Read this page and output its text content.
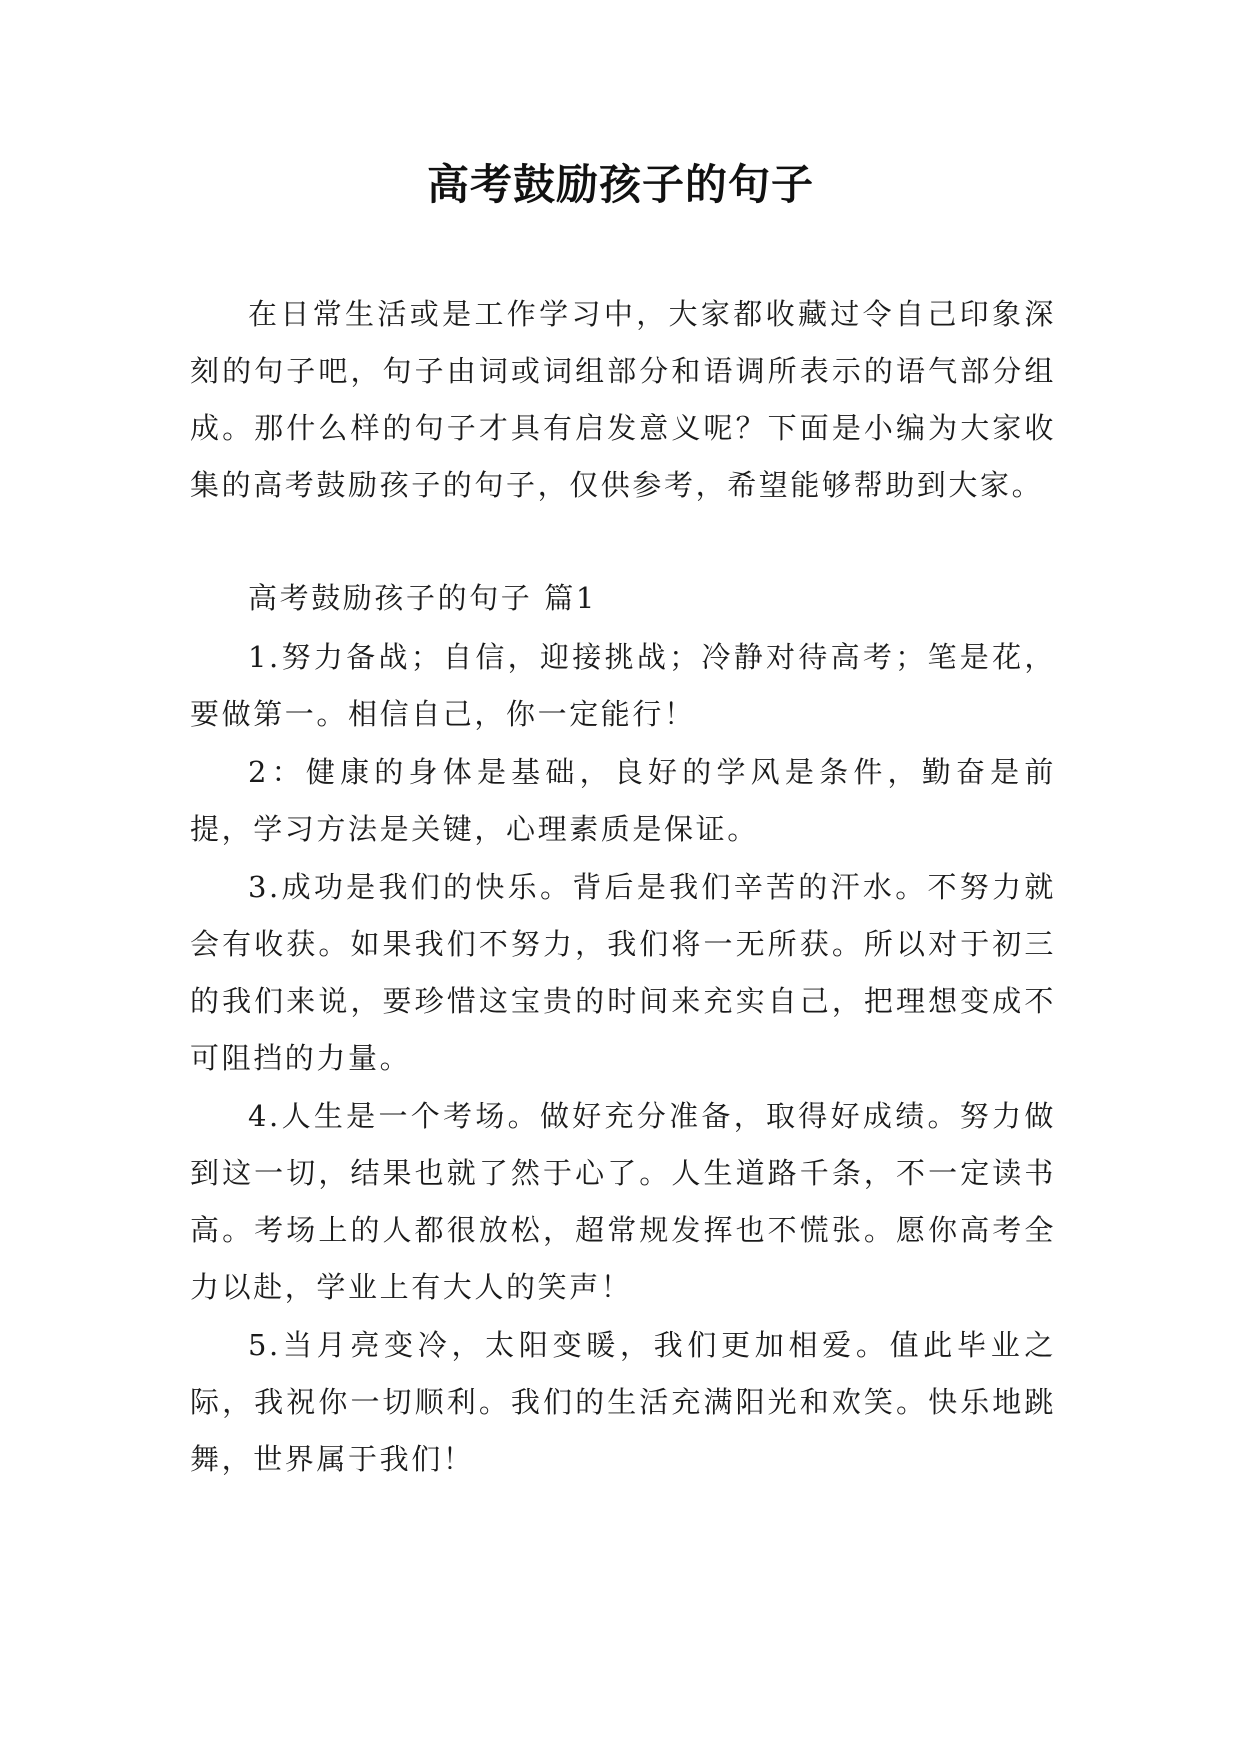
高考鼓励孩子的句子

在日常生活或是工作学习中，大家都收藏过令自己印象深刻的句子吧，句子由词或词组部分和语调所表示的语气部分组成。那什么样的句子才具有启发意义呢？下面是小编为大家收集的高考鼓励孩子的句子，仅供参考，希望能够帮助到大家。

高考鼓励孩子的句子 篇1

1.努力备战；自信，迎接挑战；冷静对待高考；笔是花，要做第一。相信自己，你一定能行！

2：健康的身体是基础，良好的学风是条件，勤奋是前提，学习方法是关键，心理素质是保证。

3.成功是我们的快乐。背后是我们辛苦的汗水。不努力就会有收获。如果我们不努力，我们将一无所获。所以对于初三的我们来说，要珍惜这宝贵的时间来充实自己，把理想变成不可阻挡的力量。

4.人生是一个考场。做好充分准备，取得好成绩。努力做到这一切，结果也就了然于心了。人生道路千条，不一定读书高。考场上的人都很放松，超常规发挥也不慌张。愿你高考全力以赴，学业上有大人的笑声！

5.当月亮变冷，太阳变暖，我们更加相爱。值此毕业之际，我祝你一切顺利。我们的生活充满阳光和欢笑。快乐地跳舞，世界属于我们！
